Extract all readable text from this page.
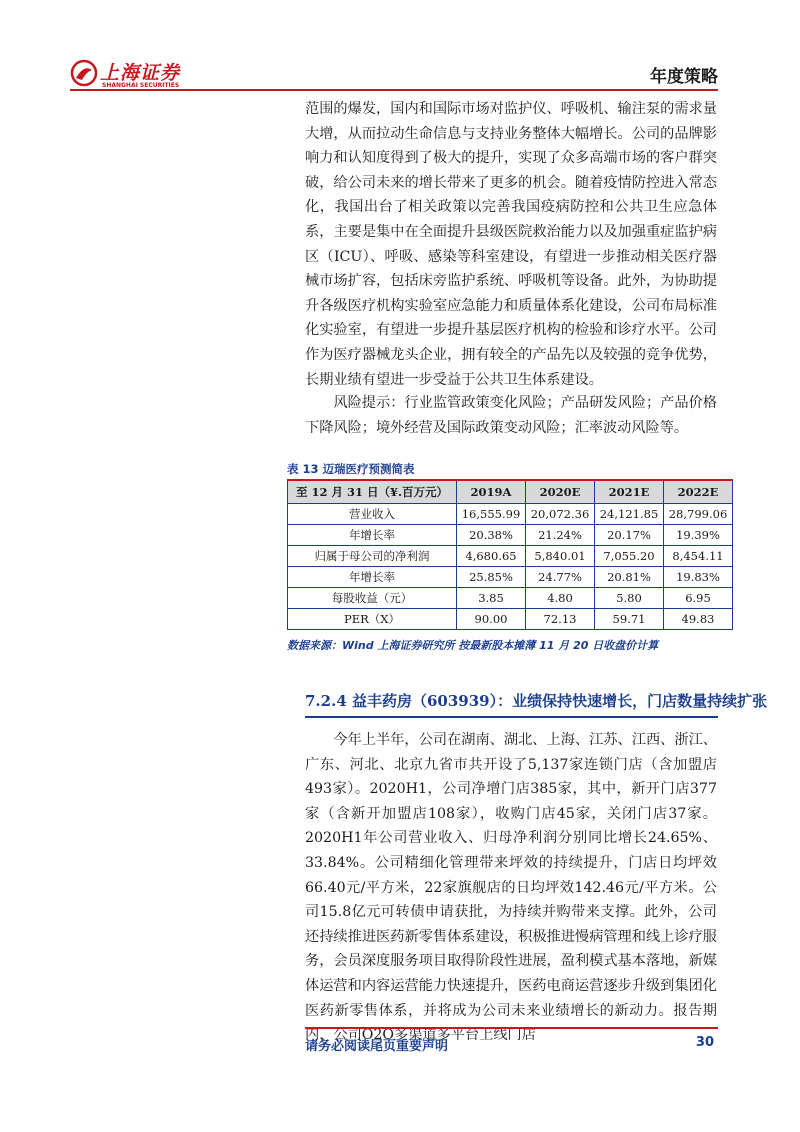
上海证券
SHANGHAI SECURITIES	年度策略

范围的爆发，国内和国际市场对监护仪、呼吸机、输注泵的需求量大增，从而拉动生命信息与支持业务整体大幅增长。公司的品牌影响力和认知度得到了极大的提升，实现了众多高端市场的客户群突破，给公司未来的增长带来了更多的机会。随着疫情防控进入常态化，我国出台了相关政策以完善我国疫病防控和公共卫生应急体系，主要是集中在全面提升县级医院救治能力以及加强重症监护病区（ICU）、呼吸、感染等科室建设，有望进一步推动相关医疗器械市场扩容，包括床旁监护系统、呼吸机等设备。此外，为协助提升各级医疗机构实验室应急能力和质量体系化建设，公司布局标准化实验室，有望进一步提升基层医疗机构的检验和诊疗水平。公司作为医疗器械龙头企业，拥有较全的产品先以及较强的竞争优势，长期业绩有望进一步受益于公共卫生体系建设。

风险提示：行业监管政策变化风险；产品研发风险；产品价格下降风险；境外经营及国际政策变动风险；汇率波动风险等。

表 13 迈瑞医疗预测简表
至 12 月 31 日（¥.百万元）	2019A	2020E	2021E	2022E
营业收入	16,555.99	20,072.36	24,121.85	28,799.06
年增长率	20.38%	21.24%	20.17%	19.39%
归属于母公司的净利润	4,680.65	5,840.01	7,055.20	8,454.11
年增长率	25.85%	24.77%	20.81%	19.83%
每股收益（元）	3.85	4.80	5.80	6.95
PER（X）	90.00	72.13	59.71	49.83
数据来源：Wind 上海证券研究所 按最新股本摊薄 11 月 20 日收盘价计算
7.2.4 益丰药房（603939）：业绩保持快速增长，门店数量持续扩张

今年上半年，公司在湖南、湖北、上海、江苏、江西、浙江、广东、河北、北京九省市共开设了5,137家连锁门店（含加盟店493家）。2020H1，公司净增门店385家，其中，新开门店377家（含新开加盟店108家），收购门店45家，关闭门店37家。2020H1年公司营业收入、归母净利润分别同比增长24.65%、33.84%。公司精细化管理带来坪效的持续提升，门店日均坪效66.40元/平方米，22家旗舰店的日均坪效142.46元/平方米。公司15.8亿元可转债申请获批，为持续并购带来支撑。此外，公司还持续推进医药新零售体系建设，积极推进慢病管理和线上诊疗服务，会员深度服务项目取得阶段性进展，盈利模式基本落地，新媒体运营和内容运营能力快速提升，医药电商运营逐步升级到集团化医药新零售体系，并将成为公司未来业绩增长的新动力。报告期内，公司O2O多渠道多平台上线门店

请务必阅读尾页重要声明	30
